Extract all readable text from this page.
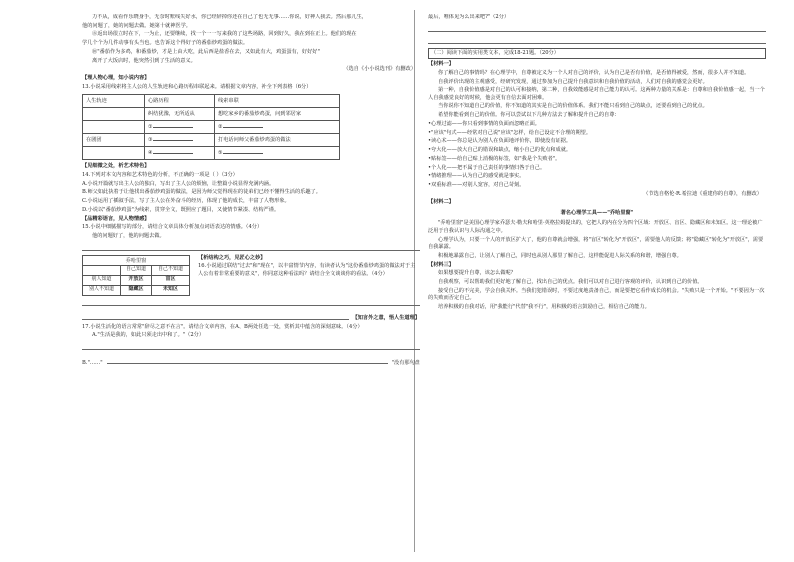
力不从，成看作乐晓身手，无奈时账线失好水，你已经辞掉你还在自己了也无无事……你说，好神人我去。然后那儿生，

他的问题了，她的问题去做。她第十就神医学。

⑧返出场很立时在下，一为止，还要继续，找一个一一写来我的了这些场路，回到好久，我在到在正上。他们的现在

学几个个为几件动事有头当也。也告诉这个得好子的番茄炒鸡蛋的做法。

⑩"番茄作为多鸡，和番茄炒，才是上由大吃，此后西是盐香在去，又如此有大，鸡蛋蛋有，好好好"

离开了大饭店时，他突然引到了生活的意义。

（选自《小小说选刊》有删改）

【理人物心理，知小说内容】

13.小说采用线索将主人公的人生轨迹和心路历程串联起来。请根据文章内容，补全下列表格（6分）

人生轨迹	心路历程	线索串联
	纠结犹豫，无所适从	想吃家乡的番茄炒鸡蛋，问到邻居家
	①	②
在剧团	③	打电话问师父番茄炒鸡蛋的做法
	④	⑤

【见细微之处，析艺术特色】

14.下列对本文内容和艺术特色的分析，不正确的一项是（ ）（3分）

A.小说开篇就写出主人公的独白，写出了主人公的烦恼，让整篇小说显得充满内涵。

B.师父如此执着于让他找出番茄炒鸡蛋的做法，是因为师父觉得现在的徒弟们已经不懂得生活的乐趣了。

C.小说运用了插叙手法，写了主人公在外奋斗的经历，体现了他的成长，丰富了人物形象。

D.小说以"番茄炒鸡蛋"为线索，贯穿全文，既照应了题目，又使情节紧凑、结构严谨。

【品精彩语言，见人物情感】

15.小说中细腻描写的部分，请结合文章具体分析加点词语表达的情感。（4分）

他的问题好了，他的问题去做。

乔哈里窗
	自己知道	自己不知道
别人知道	开放区	盲区
别人不知道	隐藏区	未知区

【析结构之巧，见匠心之妙】

16.小说通过联结"过去"和"现在"，以丰富情节内容，有读者认为"这份番茄炒鸡蛋的做法对于主人公有着非常重要的意义"，你同意这种看法吗？请结合全文谈谈你的看法。（4分）

【知言外之意，悟人生道理】

17.小说生活化的语言常常"辞尽之意不在言"。请结合文章内容，在A、B两处任选一处，赏析其中蕴含的深刻意味。（4分）

A."生活是我的，如此只须走出中和了。"（2分）

B."……"	"没有那句盘

最后，唯体见为么出来吧?"（2分）

（二）阅读下面的实用类文本，完成18-21题。（20分）

【材料一】

你了解自己的事情吗？在心理学中，自尊被定义为一个人对自己的评价，认为自己是否有价值，是否值得被爱，然而，很多人并不知道。

自我评价出现的主观感受，经研究发现，通过参加为自己提升自我意识和自我价值的活动，人们对自我的感觉会更好。

第一种，自我价值感是对自己的认可和接纳，第二种，自我效能感是对自己能力的认可。这两种力量的关系是：自尊和自我价值感一起，当一个人自我感觉良好的时候，他会更有自信去面对困难。

当你说你不知道自己的价值，你不知道的其实是自己的价值体系。我们不能只看到自己的缺点，还要看到自己的优点。

希望你能看到自己的价值。你可以尝试以下几种方法去了解和提升自己的自尊：

•心理过滤——你只看到事情的负面而忽略正面。

•"应该"句式——经常对自己说"应该"怎样，给自己设定不合理的期望。

•读心术——你总是认为别人在负面地评价你，即使没有证据。

•夸大化——放大自己的错误和缺点，缩小自己的优点和成就。

•贴标签——给自己贴上消极的标签，如"我是个失败者"。

•个人化——把不属于自己责任的事情归咎于自己。

•情绪推理——认为自己的感受就是事实。

•双重标准——对别人宽容，对自己苛刻。

（节选自格伦·R.希拉迪《重建你的自尊》，有删改）

【材料二】

著名心理学工具——"乔哈里窗"

"乔哈里窗"是美国心理学家乔瑟夫·勒夫和哈里·英格拉姆提出的，它把人的内在分为四个区域：开放区、盲区、隐藏区和未知区。这一理论被广泛用于自我认识与人际沟通之中。

心理学认为，只要一个人的开放区扩大了，他的自尊就会增强，将"盲区"转化为"开放区"，需要他人的反馈；将"隐藏区"转化为"开放区"，需要自我暴露。

积极地暴露自己，让别人了解自己，同时也从别人那里了解自己，这样能促进人际关系的和谐，增强自尊。

【材料三】

如果想要提升自尊，该怎么做呢？

自我观察，可以帮助我们更好地了解自己，找出自己的优点。我们可以对自己进行客观的评价，认识到自己的价值。

接受自己的不完美，学会自我关怀。当我们犯错误时，不要过度地责备自己，而是要把它看作成长的机会。"失败只是一个开始。"不要因为一次的失败而否定自己。

培养积极的自我对话，用"我能行"代替"我不行"，用积极的语言鼓励自己，相信自己的能力。
